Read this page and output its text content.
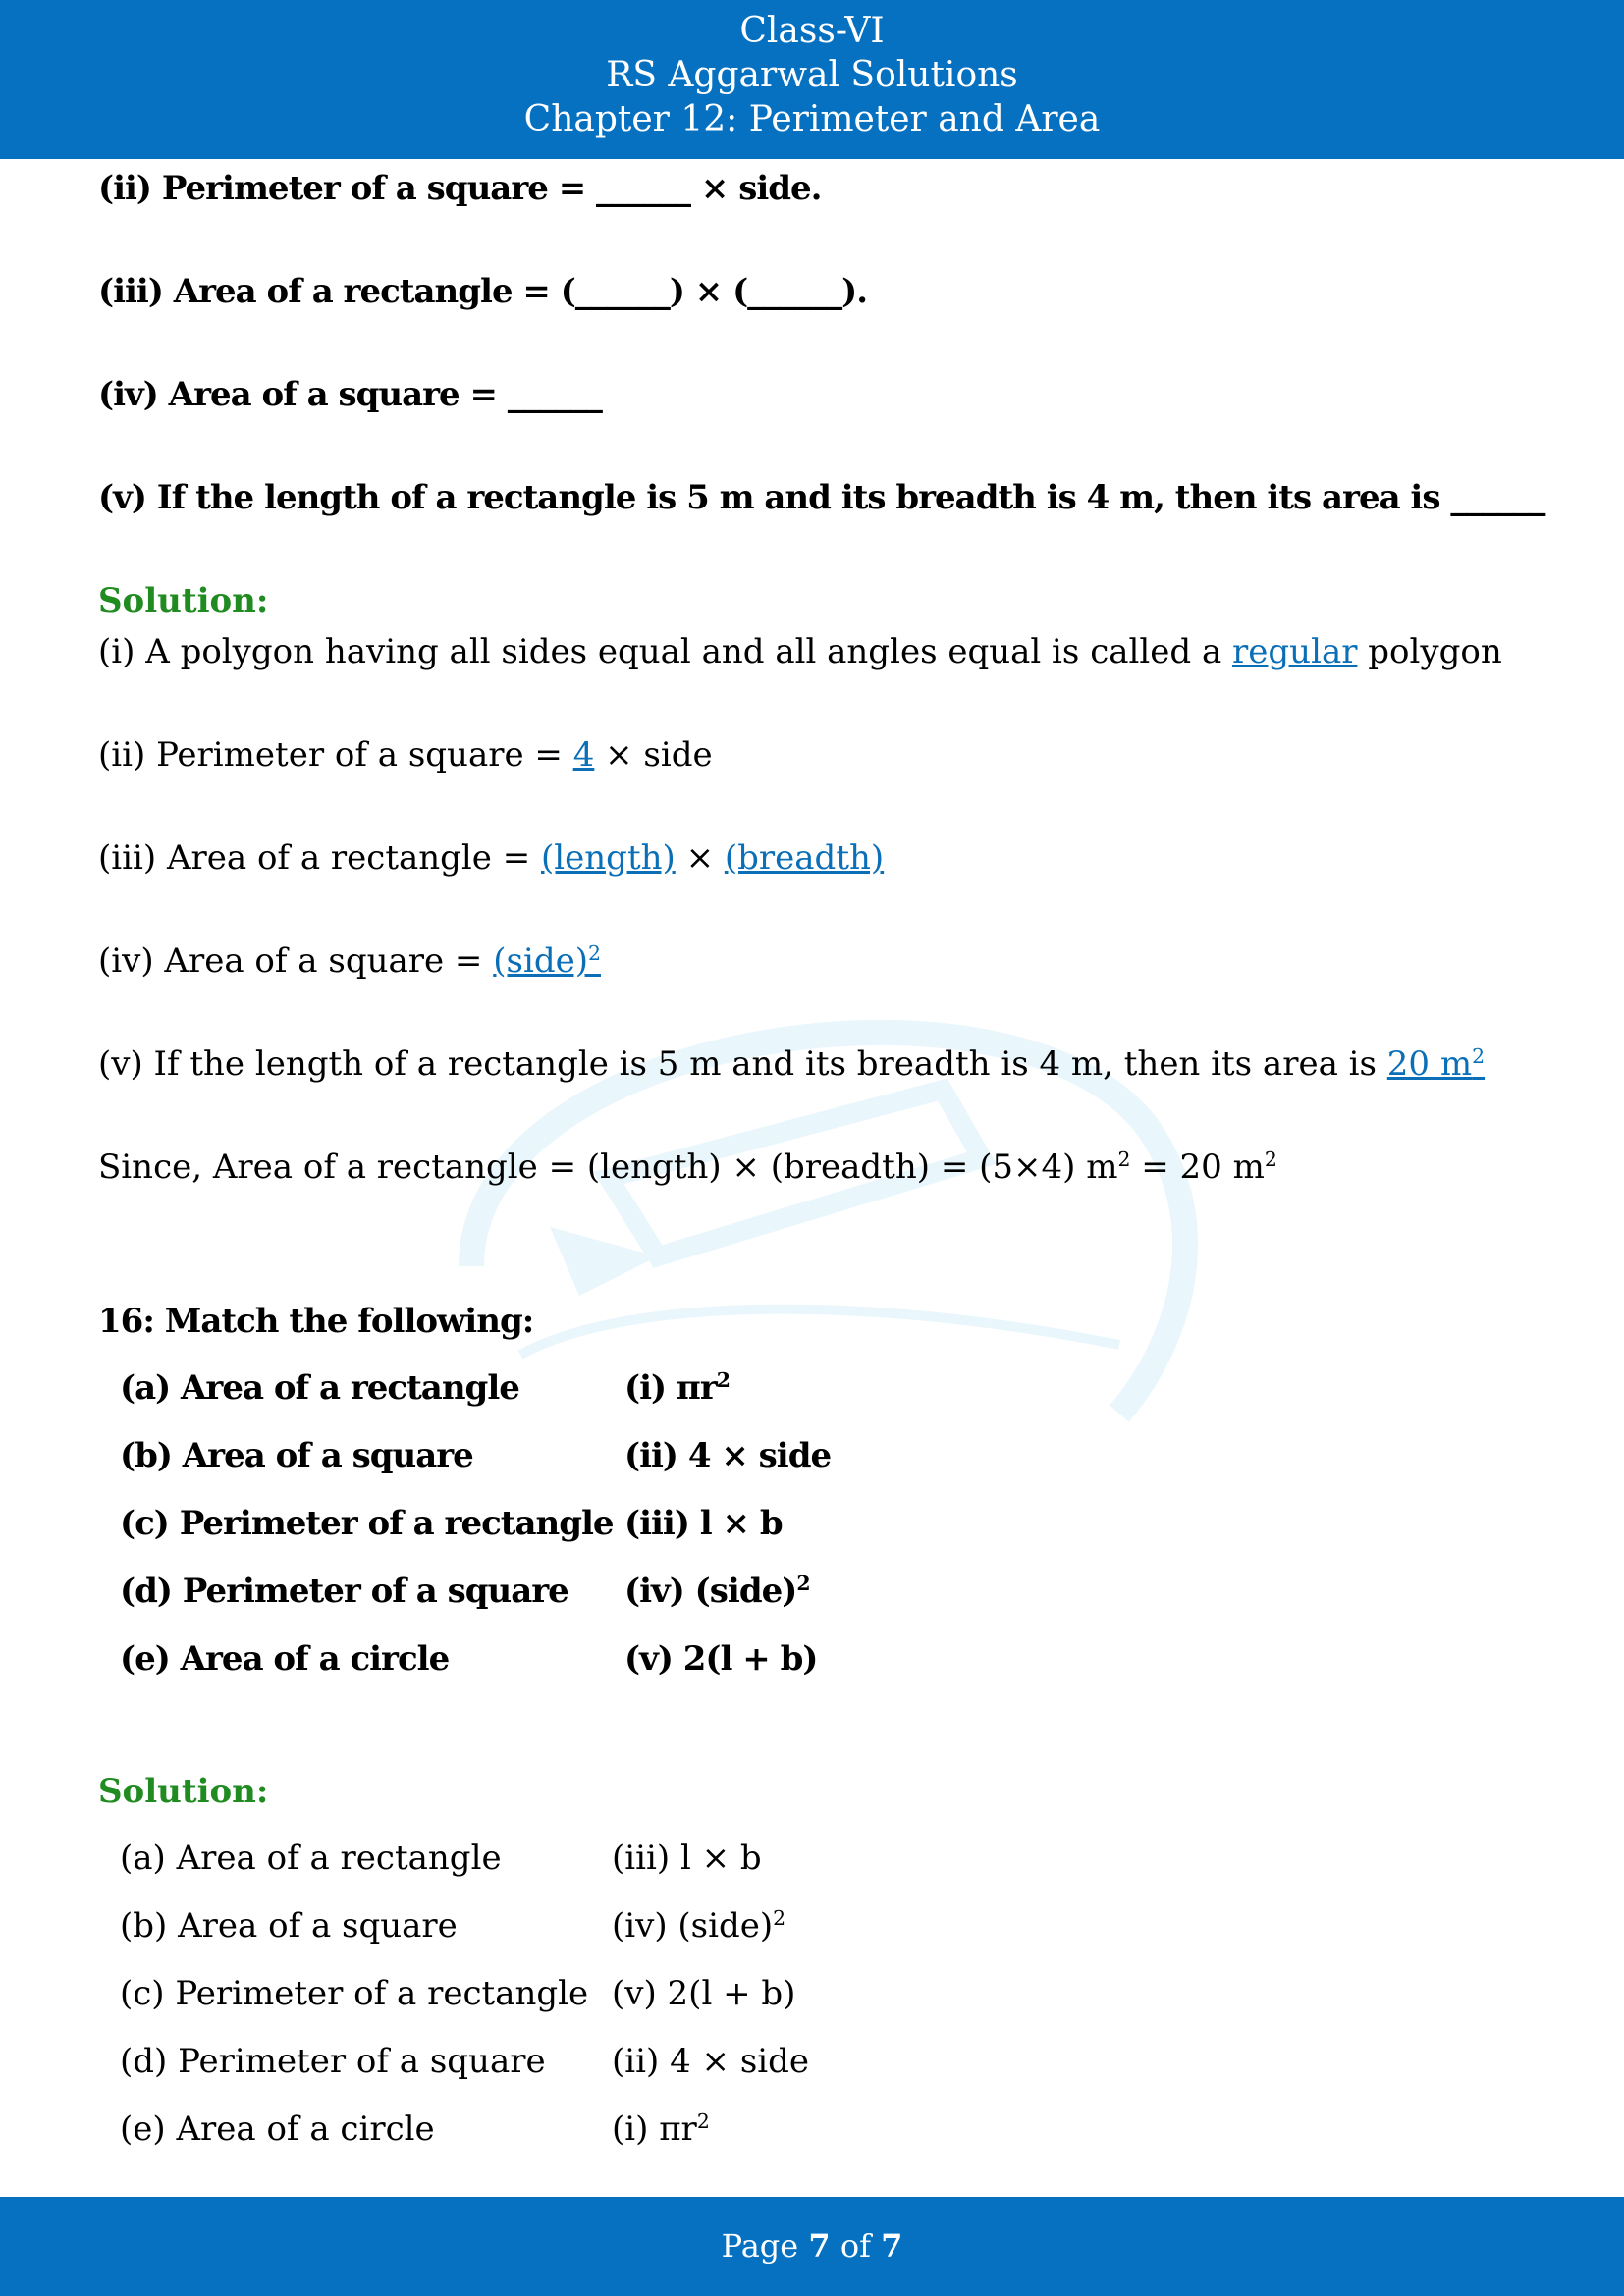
Class-VI
RS Aggarwal Solutions
Chapter 12: Perimeter and Area
(ii) Perimeter of a square = ______ × side.
(iii) Area of a rectangle = (______) × (______).
(iv) Area of a square = ______
(v) If the length of a rectangle is 5 m and its breadth is 4 m, then its area is ______
Solution:
(i) A polygon having all sides equal and all angles equal is called a regular polygon
(ii) Perimeter of a square = 4 × side
(iii) Area of a rectangle = (length) × (breadth)
(iv) Area of a square = (side)$^2$
(v) If the length of a rectangle is 5 m and its breadth is 4 m, then its area is 20 $m^2$
Since, Area of a rectangle = (length) × (breadth) = (5×4) $m^2 = 20$ $m^2$
16: Match the following:
(a) Area of a rectangle	(i) $\pi r^2$
(b) Area of a square	(ii) 4 × side
(c) Perimeter of a rectangle (iii) l × b
(d) Perimeter of a square (iv) (side)$^2$
(e) Area of a circle	(v) 2(l + b)
Solution:
(a) Area of a rectangle	(iii) l × b
(b) Area of a square	(iv) (side)$^2$
(c) Perimeter of a rectangle (v) 2(l + b)
(d) Perimeter of a square (ii) 4 × side
(e) Area of a circle	(i) $\pi r^2$
Page 7 of 7
